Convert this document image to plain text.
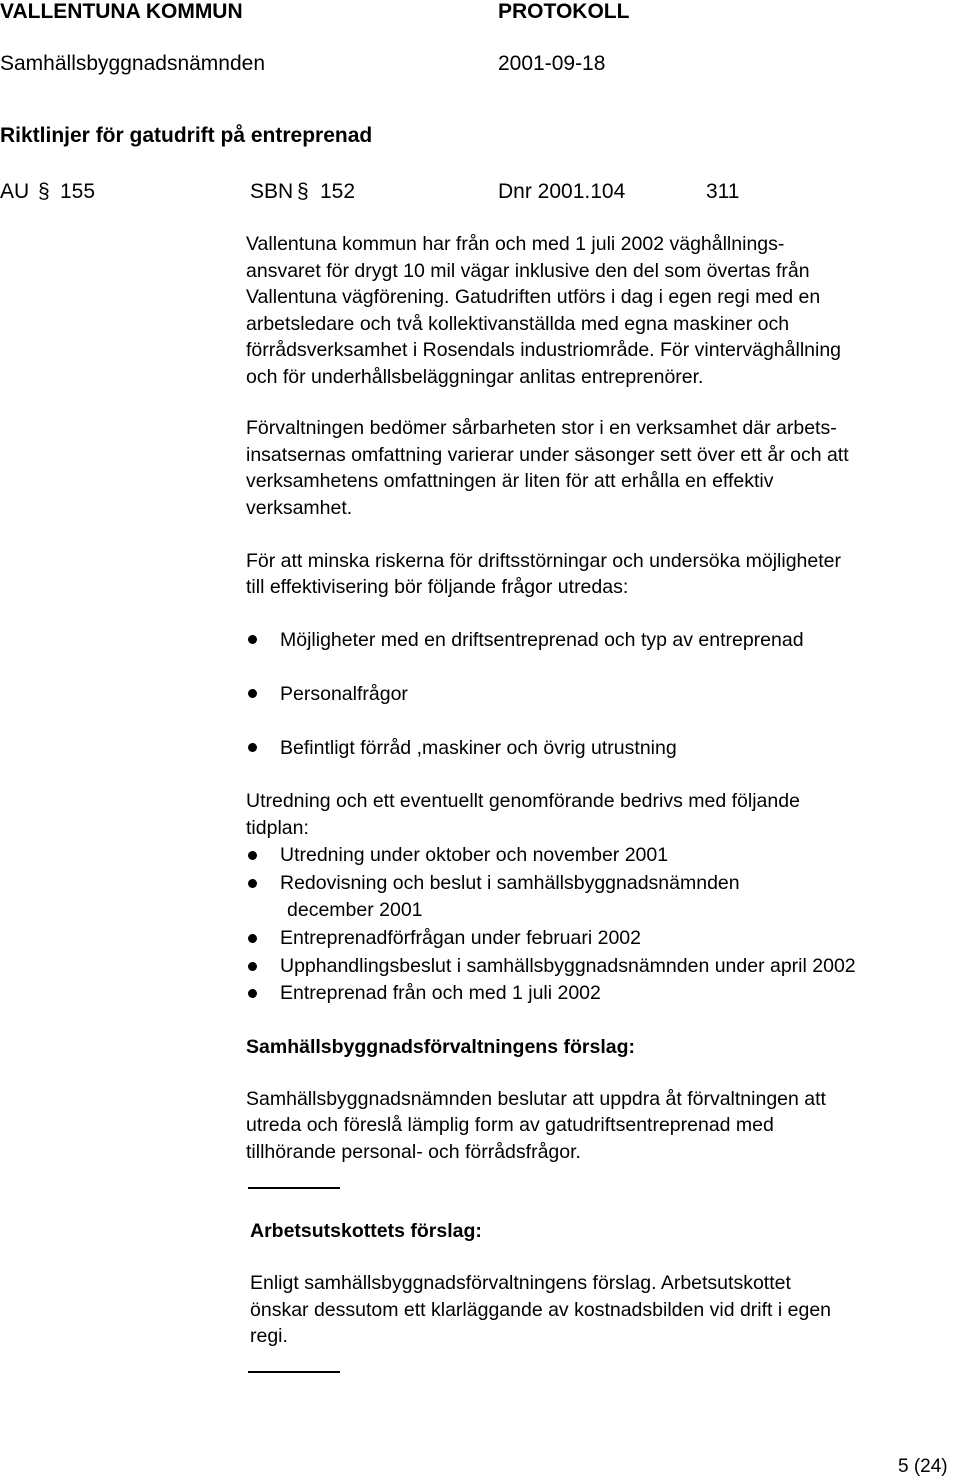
VALLENTUNA KOMMUN	PROTOKOLL
Samhällsbyggnadsnämnden	2001-09-18
Riktlinjer för gatudrift på entreprenad
AU § 155	SBN § 152	Dnr 2001.104	311
Vallentuna kommun har från och med 1 juli 2002 väghållnings-
ansvaret för drygt 10 mil vägar inklusive den del som övertas från
Vallentuna vägförening. Gatudriften utförs i dag i egen regi med en
arbetsledare och två kollektivanställda med egna maskiner och
förrådsverksamhet i Rosendals industriområde. För vinterväghållning
och för underhållsbeläggningar anlitas entreprenörer.
Förvaltningen bedömer sårbarheten stor i en verksamhet där arbets-
insatsernas omfattning varierar under säsonger sett över ett år och att
verksamhetens omfattningen är liten för att erhålla en effektiv
verksamhet.
För att minska riskerna för driftsstörningar och undersöka möjligheter
till effektivisering bör följande frågor utredas:
Möjligheter med en driftsentreprenad och typ av entreprenad
Personalfrågor
Befintligt förråd ,maskiner och övrig utrustning
Utredning och ett eventuellt genomförande bedrivs med följande
tidplan:
Utredning under oktober och november 2001
Redovisning och beslut i samhällsbyggnadsnämnden
december 2001
Entreprenadförfrågan under februari 2002
Upphandlingsbeslut i samhällsbyggnadsnämnden under april 2002
Entreprenad från och med 1 juli 2002
Samhällsbyggnadsförvaltningens förslag:
Samhällsbyggnadsnämnden beslutar att uppdra åt förvaltningen att
utreda och föreslå lämplig form av gatudriftsentreprenad med
tillhörande personal- och förrådsfrågor.
Arbetsutskottets förslag:
Enligt samhällsbyggnadsförvaltningens förslag. Arbetsutskottet
önskar dessutom ett klarläggande av kostnadsbilden vid drift i egen
regi.
5 (24)
